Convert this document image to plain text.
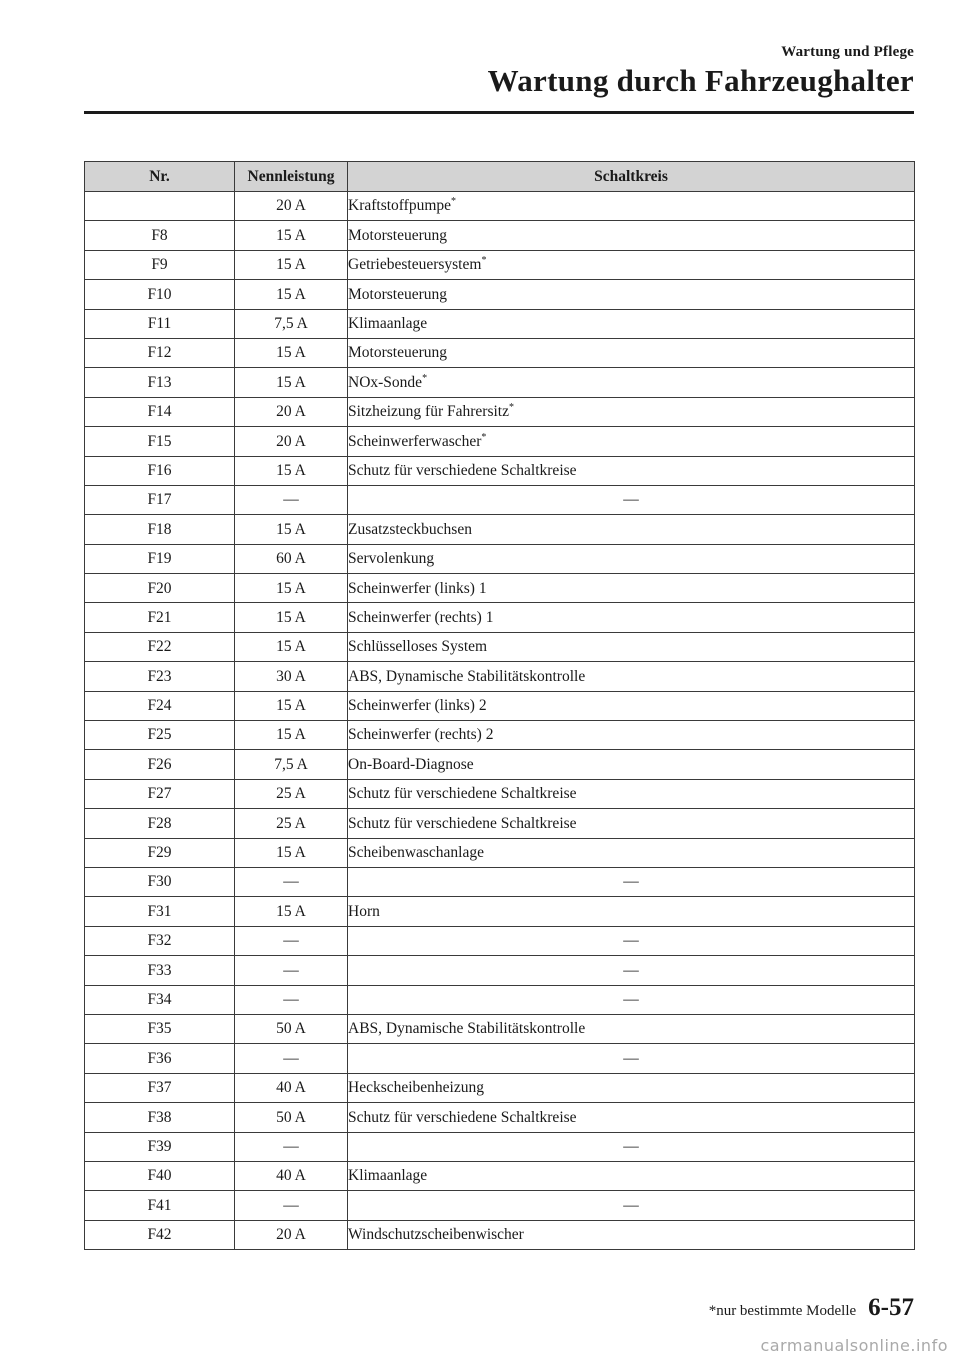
Wartung und Pflege
Wartung durch Fahrzeughalter
Nr.	Nennleistung	Schaltkreis
	20 A	Kraftstoffpumpe*
F8	15 A	Motorsteuerung
F9	15 A	Getriebesteuersystem*
F10	15 A	Motorsteuerung
F11	7,5 A	Klimaanlage
F12	15 A	Motorsteuerung
F13	15 A	NOx-Sonde*
F14	20 A	Sitzheizung für Fahrersitz*
F15	20 A	Scheinwerferwascher*
F16	15 A	Schutz für verschiedene Schaltkreise
F17	―	―
F18	15 A	Zusatzsteckbuchsen
F19	60 A	Servolenkung
F20	15 A	Scheinwerfer (links) 1
F21	15 A	Scheinwerfer (rechts) 1
F22	15 A	Schlüsselloses System
F23	30 A	ABS, Dynamische Stabilitätskontrolle
F24	15 A	Scheinwerfer (links) 2
F25	15 A	Scheinwerfer (rechts) 2
F26	7,5 A	On-Board-Diagnose
F27	25 A	Schutz für verschiedene Schaltkreise
F28	25 A	Schutz für verschiedene Schaltkreise
F29	15 A	Scheibenwaschanlage
F30	―	―
F31	15 A	Horn
F32	―	―
F33	―	―
F34	―	―
F35	50 A	ABS, Dynamische Stabilitätskontrolle
F36	―	―
F37	40 A	Heckscheibenheizung
F38	50 A	Schutz für verschiedene Schaltkreise
F39	―	―
F40	40 A	Klimaanlage
F41	―	―
F42	20 A	Windschutzscheibenwischer
*nur bestimmte Modelle 6-57
carmanualsonline.info
